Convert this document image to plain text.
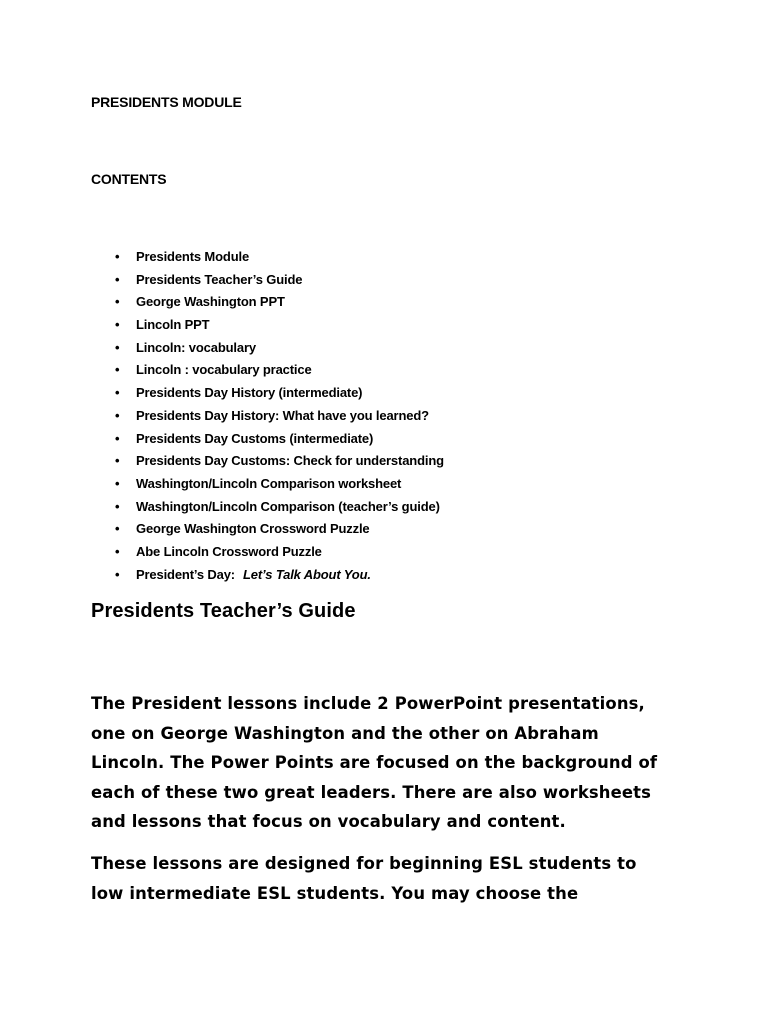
PRESIDENTS MODULE
CONTENTS
• Presidents Module
• Presidents Teacher’s Guide
• George Washington PPT
• Lincoln PPT
• Lincoln: vocabulary
• Lincoln : vocabulary practice
• Presidents Day History (intermediate)
• Presidents Day History: What have you learned?
• Presidents Day Customs (intermediate)
• Presidents Day Customs: Check for understanding
• Washington/Lincoln Comparison worksheet
• Washington/Lincoln Comparison (teacher’s guide)
• George Washington Crossword Puzzle
• Abe Lincoln Crossword Puzzle
• President’s Day: Let’s Talk About You.
Presidents Teacher’s Guide

The President lessons include 2 PowerPoint presentations,
one on George Washington and the other on Abraham
Lincoln. The Power Points are focused on the background of
each of these two great leaders. There are also worksheets
and lessons that focus on vocabulary and content.

These lessons are designed for beginning ESL students to
low intermediate ESL students. You may choose the
